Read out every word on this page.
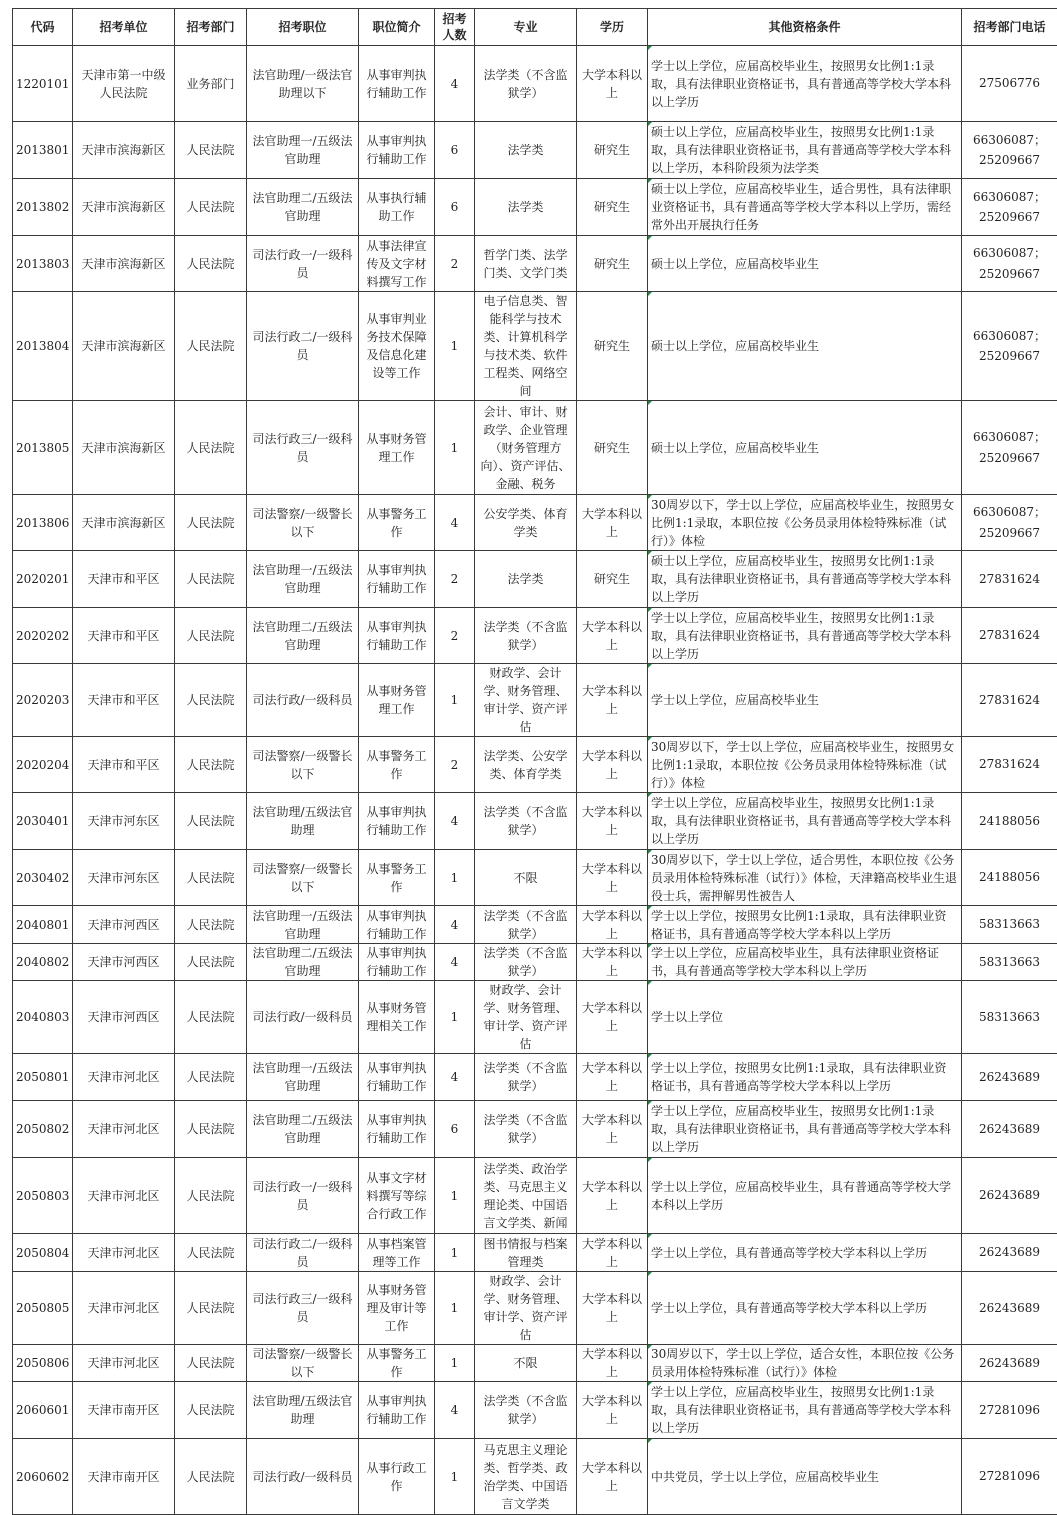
代码	招考单位	招考部门	招考职位	职位简介	招考人数	专业	学历	其他资格条件	招考部门电话
1220101	天津市第一中级人民法院	业务部门	法官助理/一级法官助理以下	从事审判执行辅助工作	4	法学类（不含监狱学）	大学本科以上	学士以上学位，应届高校毕业生，按照男女比例1:1录取，具有法律职业资格证书，具有普通高等学校大学本科以上学历	27506776
2013801	天津市滨海新区	人民法院	法官助理一/五级法官助理	从事审判执行辅助工作	6	法学类	研究生	硕士以上学位，应届高校毕业生，按照男女比例1:1录取，具有法律职业资格证书，具有普通高等学校大学本科以上学历，本科阶段须为法学类	66306087；
25209667
2013802	天津市滨海新区	人民法院	法官助理二/五级法官助理	从事执行辅助工作	6	法学类	研究生	硕士以上学位，应届高校毕业生，适合男性，具有法律职业资格证书，具有普通高等学校大学本科以上学历，需经常外出开展执行任务	66306087；
25209667
2013803	天津市滨海新区	人民法院	司法行政一/一级科员	从事法律宣传及文字材料撰写工作	2	哲学门类、法学门类、文学门类	研究生	硕士以上学位，应届高校毕业生	66306087；
25209667
2013804	天津市滨海新区	人民法院	司法行政二/一级科员	从事审判业务技术保障及信息化建设等工作	1	电子信息类、智能科学与技术类、计算机科学与技术类、软件工程类、网络空间	研究生	硕士以上学位，应届高校毕业生	66306087；
25209667
2013805	天津市滨海新区	人民法院	司法行政三/一级科员	从事财务管理工作	1	会计、审计、财政学、企业管理（财务管理方向）、资产评估、金融、税务	研究生	硕士以上学位，应届高校毕业生	66306087；
25209667
2013806	天津市滨海新区	人民法院	司法警察/一级警长以下	从事警务工作	4	公安学类、体育学类	大学本科以上	30周岁以下，学士以上学位，应届高校毕业生，按照男女比例1:1录取，本职位按《公务员录用体检特殊标准（试行）》体检	66306087；
25209667
2020201	天津市和平区	人民法院	法官助理一/五级法官助理	从事审判执行辅助工作	2	法学类	研究生	硕士以上学位，应届高校毕业生，按照男女比例1:1录取，具有法律职业资格证书，具有普通高等学校大学本科以上学历	27831624
2020202	天津市和平区	人民法院	法官助理二/五级法官助理	从事审判执行辅助工作	2	法学类（不含监狱学）	大学本科以上	学士以上学位，应届高校毕业生，按照男女比例1:1录取，具有法律职业资格证书，具有普通高等学校大学本科以上学历	27831624
2020203	天津市和平区	人民法院	司法行政/一级科员	从事财务管理工作	1	财政学、会计学、财务管理、审计学、资产评估	大学本科以上	学士以上学位，应届高校毕业生	27831624
2020204	天津市和平区	人民法院	司法警察/一级警长以下	从事警务工作	2	法学类、公安学类、体育学类	大学本科以上	30周岁以下，学士以上学位，应届高校毕业生，按照男女比例1:1录取，本职位按《公务员录用体检特殊标准（试行）》体检	27831624
2030401	天津市河东区	人民法院	法官助理/五级法官助理	从事审判执行辅助工作	4	法学类（不含监狱学）	大学本科以上	学士以上学位，应届高校毕业生，按照男女比例1:1录取，具有法律职业资格证书，具有普通高等学校大学本科以上学历	24188056
2030402	天津市河东区	人民法院	司法警察/一级警长以下	从事警务工作	1	不限	大学本科以上	30周岁以下，学士以上学位，适合男性，本职位按《公务员录用体检特殊标准（试行）》体检，天津籍高校毕业生退役士兵，需押解男性被告人	24188056
2040801	天津市河西区	人民法院	法官助理一/五级法官助理	从事审判执行辅助工作	4	法学类（不含监狱学）	大学本科以上	学士以上学位，按照男女比例1:1录取，具有法律职业资格证书，具有普通高等学校大学本科以上学历	58313663
2040802	天津市河西区	人民法院	法官助理二/五级法官助理	从事审判执行辅助工作	4	法学类（不含监狱学）	大学本科以上	学士以上学位，应届高校毕业生，具有法律职业资格证书，具有普通高等学校大学本科以上学历	58313663
2040803	天津市河西区	人民法院	司法行政/一级科员	从事财务管理相关工作	1	财政学、会计学、财务管理、审计学、资产评估	大学本科以上	学士以上学位	58313663
2050801	天津市河北区	人民法院	法官助理一/五级法官助理	从事审判执行辅助工作	4	法学类（不含监狱学）	大学本科以上	学士以上学位，按照男女比例1:1录取，具有法律职业资格证书，具有普通高等学校大学本科以上学历	26243689
2050802	天津市河北区	人民法院	法官助理二/五级法官助理	从事审判执行辅助工作	6	法学类（不含监狱学）	大学本科以上	学士以上学位，应届高校毕业生，按照男女比例1:1录取，具有法律职业资格证书，具有普通高等学校大学本科以上学历	26243689
2050803	天津市河北区	人民法院	司法行政一/一级科员	从事文字材料撰写等综合行政工作	1	法学类、政治学类、马克思主义理论类、中国语言文学类、新闻	大学本科以上	学士以上学位，应届高校毕业生，具有普通高等学校大学本科以上学历	26243689
2050804	天津市河北区	人民法院	司法行政二/一级科员	从事档案管理等工作	1	图书情报与档案管理类	大学本科以上	学士以上学位，具有普通高等学校大学本科以上学历	26243689
2050805	天津市河北区	人民法院	司法行政三/一级科员	从事财务管理及审计等工作	1	财政学、会计学、财务管理、审计学、资产评估	大学本科以上	学士以上学位，具有普通高等学校大学本科以上学历	26243689
2050806	天津市河北区	人民法院	司法警察/一级警长以下	从事警务工作	1	不限	大学本科以上	30周岁以下，学士以上学位，适合女性，本职位按《公务员录用体检特殊标准（试行）》体检	26243689
2060601	天津市南开区	人民法院	法官助理/五级法官助理	从事审判执行辅助工作	4	法学类（不含监狱学）	大学本科以上	学士以上学位，应届高校毕业生，按照男女比例1:1录取，具有法律职业资格证书，具有普通高等学校大学本科以上学历	27281096
2060602	天津市南开区	人民法院	司法行政/一级科员	从事行政工作	1	马克思主义理论类、哲学类、政治学类、中国语言文学类	大学本科以上	中共党员，学士以上学位，应届高校毕业生	27281096
